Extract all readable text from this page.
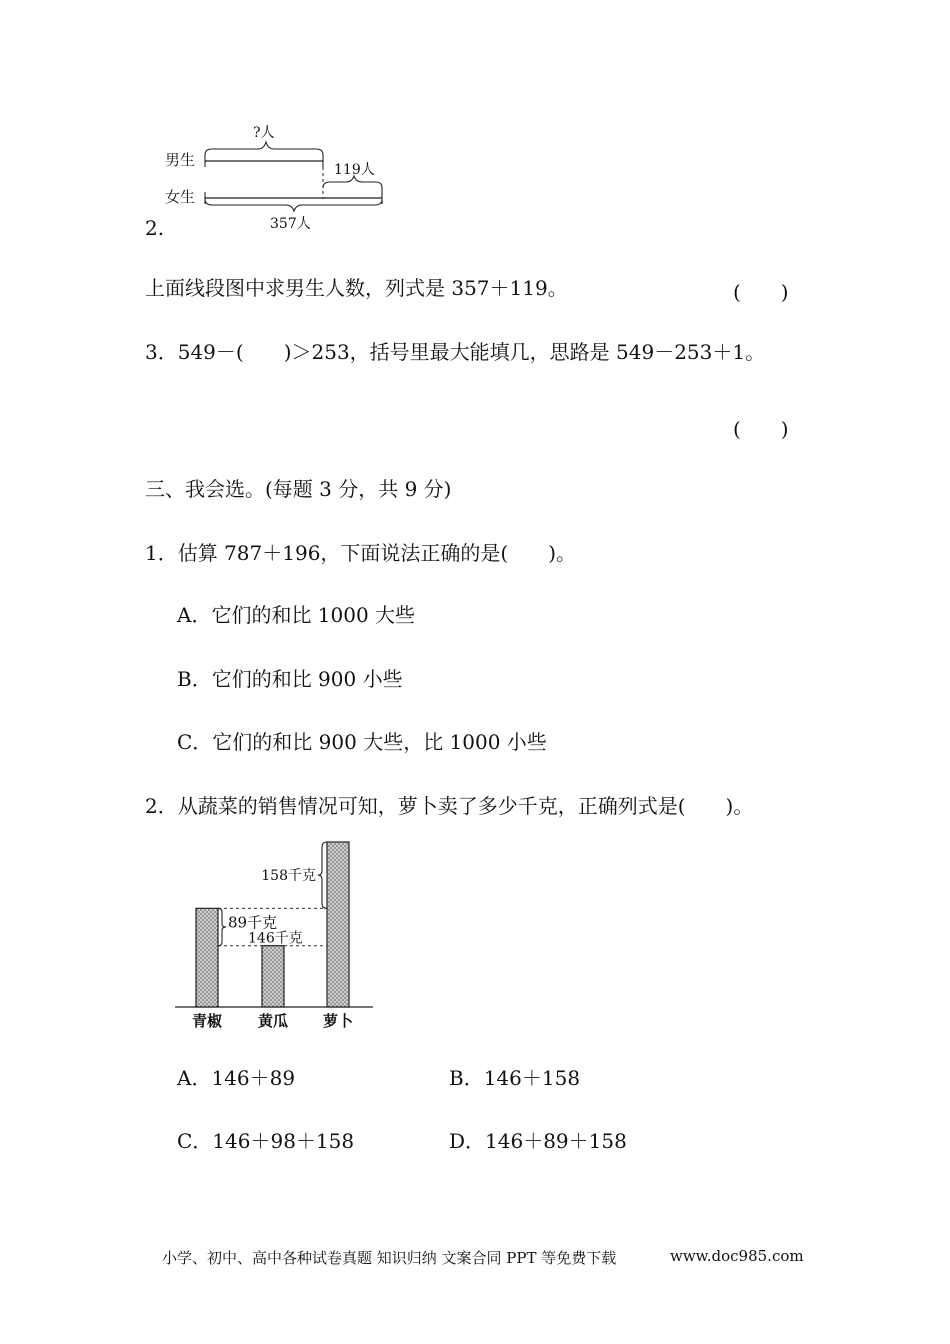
?人
男生
119人
女生
357人
2.
上面线段图中求男生人数，列式是 357＋119。	(　　)
3．549－(　　)＞253，括号里最大能填几，思路是 549－253＋1。
(　　)
三、我会选。(每题 3 分，共 9 分)
1．估算 787＋196，下面说法正确的是(　　)。
A．它们的和比 1000 大些
B．它们的和比 900 小些
C．它们的和比 900 大些，比 1000 小些
2．从蔬菜的销售情况可知，萝卜卖了多少千克，正确列式是(　　)。
青椒 黄瓜 萝卜
158千克
89千克
146千克
A．146＋89	B．146＋158
C．146＋98＋158	D．146＋89＋158
小学、初中、高中各种试卷真题 知识归纳 文案合同 PPT 等免费下载	www.doc985.com
